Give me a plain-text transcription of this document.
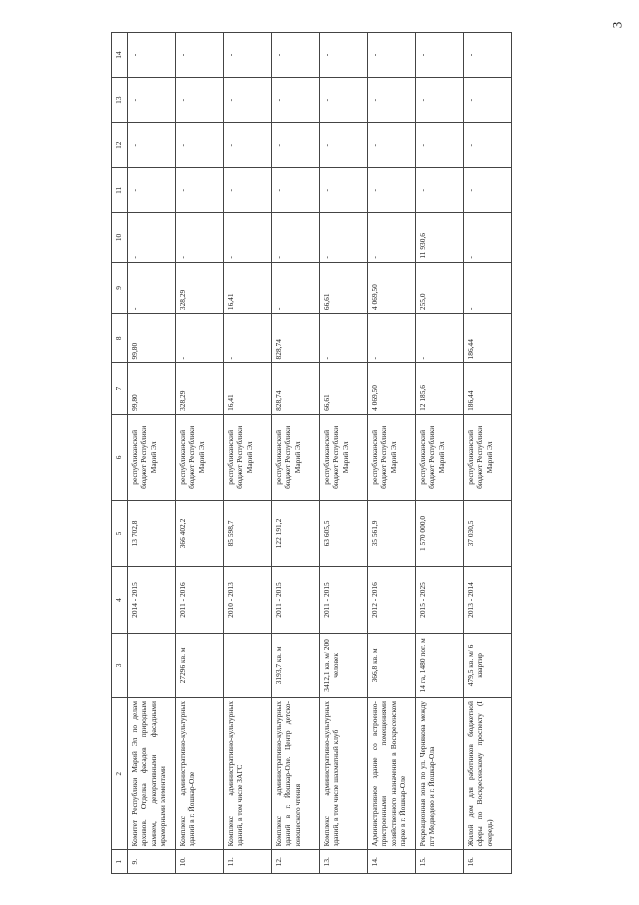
3
1	2	3	4	5	6	7	8	9	10	11	12	13	14
9.	Комитет Республики Марий Эл по делам архивов. Отделка фасадов природным камнем, декоративными фасадными мраморными элементами		2014 - 2015	13 702,8	республиканский бюджет Республики Марий Эл	99,80	99,80	-	-	-	-	-	-
10.	Комплекс административно-культурных зданий в г. Йошкар-Оле	27296 кв. м	2011 - 2016	366 402,2	республиканский бюджет Республики Марий Эл	328,29	-	328,29	-	-	-	-	-
11.	Комплекс административно-культурных зданий, в том числе ЗАГС		2010 - 2013	85 598,7	республиканский бюджет Республики Марий Эл	16,41	-	16,41	-	-	-	-	-
12.	Комплекс административно-культурных зданий в г. Йошкар-Оле. Центр детско-юношеского чтения	3193,7 кв. м	2011 - 2015	122 191,2	республиканский бюджет Республики Марий Эл	828,74	828,74	-	-	-	-	-	-
13.	Комплекс административно-культурных зданий, в том числе шахматный клуб	3412,1 кв. м/ 200 человек	2011 - 2015	63 605,5	республиканский бюджет Республики Марий Эл	66,61	-	66,61	-	-	-	-	-
14.	Административное здание со встроенно-пристроенными помещениями хозяйственного назначения в Воскресенском парке в г. Йошкар-Оле	366,8 кв. м	2012 - 2016	35 561,9	республиканский бюджет Республики Марий Эл	4 069,50	-	4 069,50	-	-	-	-	-
15.	Рекреационная зона по ул. Чернякова между пгт Медведево и г. Йошкар-Ола	14 га, 1480 пог. м	2015 - 2025	1 570 000,0	республиканский бюджет Республики Марий Эл	12 185,6	-	255,0	11 930,6	-	-	-	-
16.	Жилой дом для работников бюджетной сферы по Воскресенскому проспекту (I очередь)	479,5 кв. м/ 6 квартир	2013 - 2014	37 030,5	республиканский бюджет Республики Марий Эл	186,44	186,44	-	-	-	-	-	-
